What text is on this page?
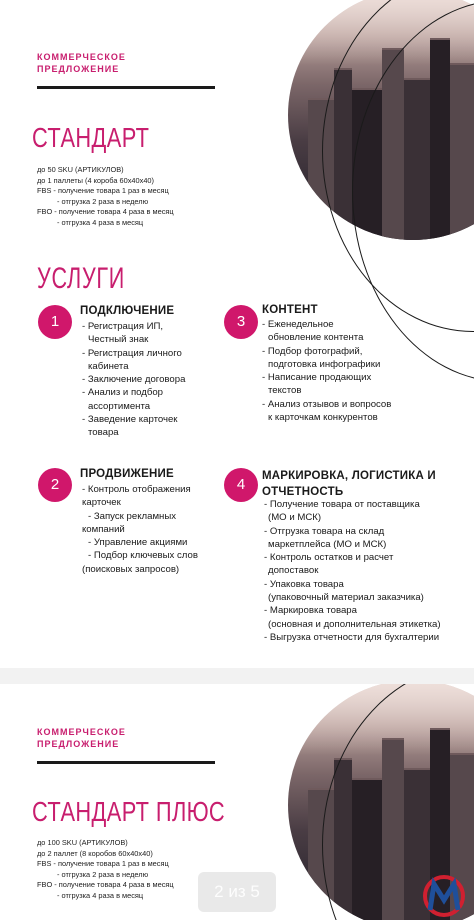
КОММЕРЧЕСКОЕ
ПРЕДЛОЖЕНИЕ
СТАНДАРТ
до 50 SKU (АРТИКУЛОВ)
до 1 паллеты (4 короба 60x40x40)
FBS - получение товара 1 раз в месяц
- отгрузка 2 раза в неделю
FBO - получение товара 4 раза в месяц
- отгрузка 4 раза в месяц
УСЛУГИ
1
ПОДКЛЮЧЕНИЕ
- Регистрация ИП,
Честный знак
- Регистрация личного
кабинета
- Заключение договора
- Анализ и подбор
ассортимента
- Заведение карточек
товара
3
КОНТЕНТ
- Еженедельное
обновление контента
- Подбор фотографий,
подготовка инфографики
- Написание продающих
текстов
- Анализ отзывов и вопросов
к карточкам конкурентов
2
ПРОДВИЖЕНИЕ
- Контроль отображения
карточек
- Запуск рекламных
компаний
- Управление акциями
- Подбор ключевых слов
(поисковых запросов)
4	МАРКИРОВКА, ЛОГИСТИКА И
ОТЧЕТНОСТЬ
- Получение товара от поставщика
(МО и МСК)
- Отгрузка товара на склад
маркетплейса (МО и МСК)
- Контроль остатков и расчет
допоставок
- Упаковка товара
(упаковочный материал заказчика)
- Маркировка товара
(основная и дополнительная этикетка)
- Выгрузка отчетности для бухгалтерии
КОММЕРЧЕСКОЕ
ПРЕДЛОЖЕНИЕ
СТАНДАРТ ПЛЮС
до 100 SKU (АРТИКУЛОВ)
до 2 паллет (8 коробов 60x40x40)
FBS - получение товара 1 раз в месяц
- отгрузка 2 раза в неделю
FBO - получение товара 4 раза в месяц
- отгрузка 4 раза в месяц	2 из 5
